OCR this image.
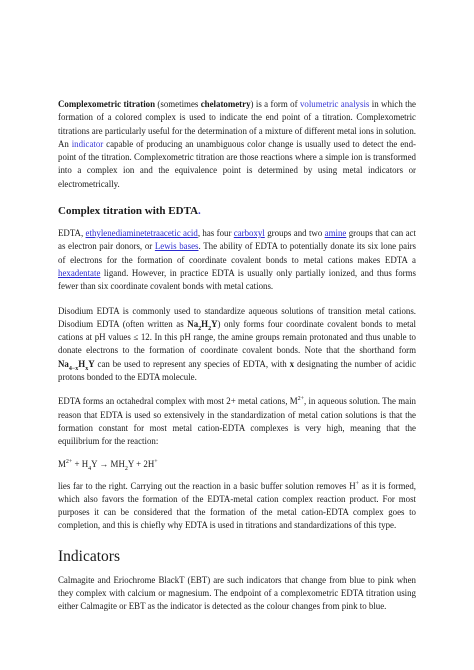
Complexometric titration (sometimes chelatometry) is a form of volumetric analysis in which the formation of a colored complex is used to indicate the end point of a titration. Complexometric titrations are particularly useful for the determination of a mixture of different metal ions in solution. An indicator capable of producing an unambiguous color change is usually used to detect the end-point of the titration. Complexometric titration are those reactions where a simple ion is transformed into a complex ion and the equivalence point is determined by using metal indicators or electrometrically.

Complex titration with EDTA.

EDTA, ethylenediaminetetraacetic acid, has four carboxyl groups and two amine groups that can act as electron pair donors, or Lewis bases. The ability of EDTA to potentially donate its six lone pairs of electrons for the formation of coordinate covalent bonds to metal cations makes EDTA a hexadentate ligand. However, in practice EDTA is usually only partially ionized, and thus forms fewer than six coordinate covalent bonds with metal cations.

Disodium EDTA is commonly used to standardize aqueous solutions of transition metal cations. Disodium EDTA (often written as $Na_2H_2Y$) only forms four coordinate covalent bonds to metal cations at pH values ≤ 12. In this pH range, the amine groups remain protonated and thus unable to donate electrons to the formation of coordinate covalent bonds. Note that the shorthand form $Na_{4-x}H_xY$ can be used to represent any species of EDTA, with x designating the number of acidic protons bonded to the EDTA molecule.

EDTA forms an octahedral complex with most 2+ metal cations, $M^{2+}$, in aqueous solution. The main reason that EDTA is used so extensively in the standardization of metal cation solutions is that the formation constant for most metal cation-EDTA complexes is very high, meaning that the equilibrium for the reaction:

$M^{2+} + H_4Y \to MH_2Y + 2H^+$

lies far to the right. Carrying out the reaction in a basic buffer solution removes H+ as it is formed, which also favors the formation of the EDTA-metal cation complex reaction product. For most purposes it can be considered that the formation of the metal cation-EDTA complex goes to completion, and this is chiefly why EDTA is used in titrations and standardizations of this type.

Indicators

Calmagite and Eriochrome BlackT (EBT) are such indicators that change from blue to pink when they complex with calcium or magnesium. The endpoint of a complexometric EDTA titration using either Calmagite or EBT as the indicator is detected as the colour changes from pink to blue.
